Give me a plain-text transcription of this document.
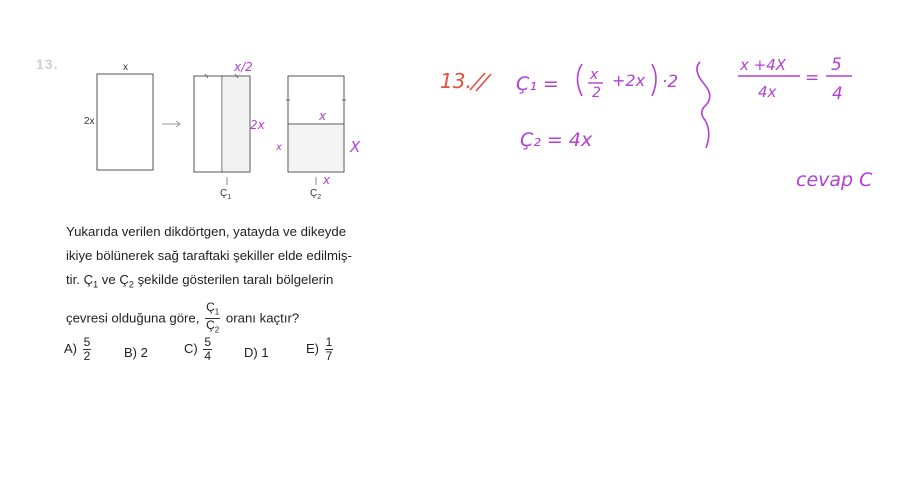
13.	x
2x
$Ç_1$	$Ç_2$

Yukarıda verilen dikdörtgen, yatayda ve dikeyde

ikiye bölünerek sağ taraftaki şekiller elde edilmiş-

tir. $Ç_1$ ve $Ç_2$ şekilde gösterilen taralı bölgelerin

çevresi olduğuna göre, $\frac{Ç_1}{Ç_2}$ oranı kaçtır?

$A) \frac{5}{2}$	B) 2	$C) \frac{5}{4} D$) 1	$E) \frac{1}{7}$
x/2
2x
x
x	X
x
13. Ç₁ = x
2
+2x ·2
Ç₂ = 4x
x +4X
4x
=
5
4
cevap C
